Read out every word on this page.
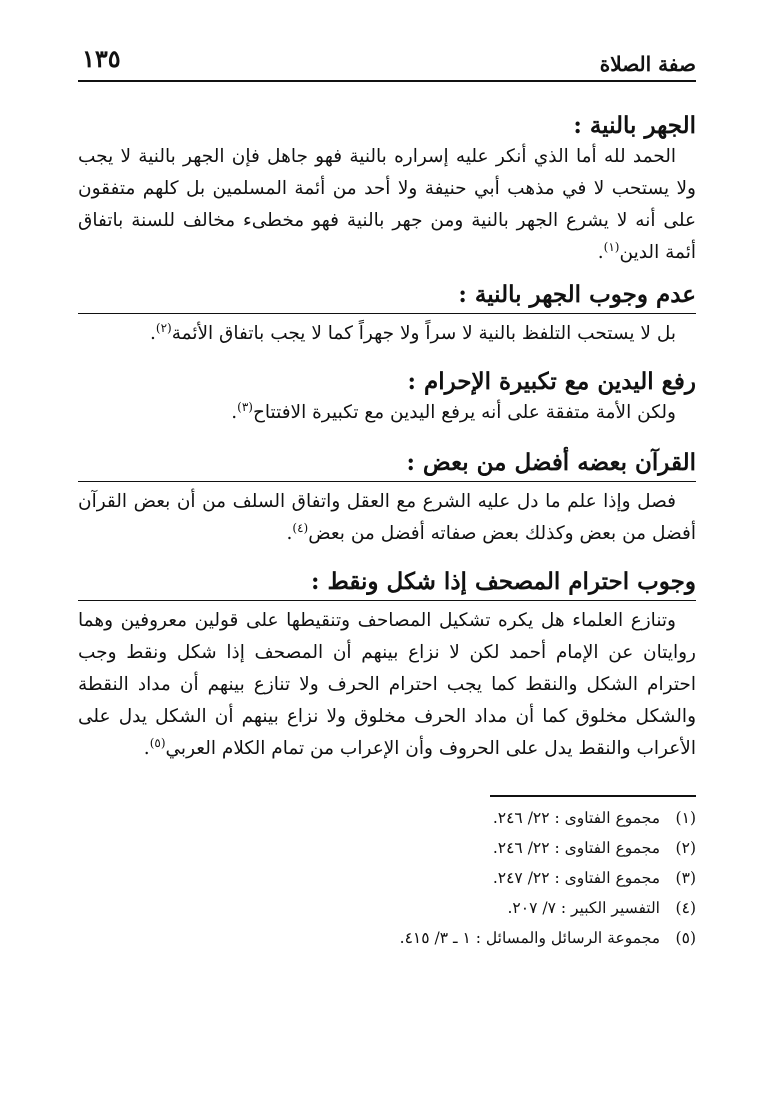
صفة الصلاة
١٣٥
الجهر بالنية :

الحمد لله أما الذي أنكر عليه إسراره بالنية فهو جاهل فإن الجهر بالنية لا يجب ولا يستحب لا في مذهب أبي حنيفة ولا أحد من أئمة المسلمين بل كلهم متفقون على أنه لا يشرع الجهر بالنية ومن جهر بالنية فهو مخطىء مخالف للسنة باتفاق أئمة الدين$^{(١)}$.

عدم وجوب الجهر بالنية :

بل لا يستحب التلفظ بالنية لا سراً ولا جهراً كما لا يجب باتفاق الأئمة$^{(٢)}$.

رفع اليدين مع تكبيرة الإحرام :

ولكن الأمة متفقة على أنه يرفع اليدين مع تكبيرة الافتتاح$^{(٣)}$.

القرآن بعضه أفضل من بعض :

فصل وإذا علم ما دل عليه الشرع مع العقل واتفاق السلف من أن بعض القرآن أفضل من بعض وكذلك بعض صفاته أفضل من بعض$^{(٤)}$.

وجوب احترام المصحف إذا شكل ونقط :

وتنازع العلماء هل يكره تشكيل المصاحف وتنقيطها على قولين معروفين وهما روايتان عن الإمام أحمد لكن لا نزاع بينهم أن المصحف إذا شكل ونقط وجب احترام الشكل والنقط كما يجب احترام الحرف ولا تنازع بينهم أن مداد النقطة والشكل مخلوق كما أن مداد الحرف مخلوق ولا نزاع بينهم أن الشكل يدل على الأعراب والنقط يدل على الحروف وأن الإعراب من تمام الكلام العربي$^{(٥)}$.

(١)مجموع الفتاوى : ٢٢/ ٢٤٦.
(٢)مجموع الفتاوى : ٢٢/ ٢٤٦.
(٣)مجموع الفتاوى : ٢٢/ ٢٤٧.
(٤)التفسير الكبير : ٧/ ٢٠٧.
(٥)مجموعة الرسائل والمسائل : ١ ـ ٣/ ٤١٥.
